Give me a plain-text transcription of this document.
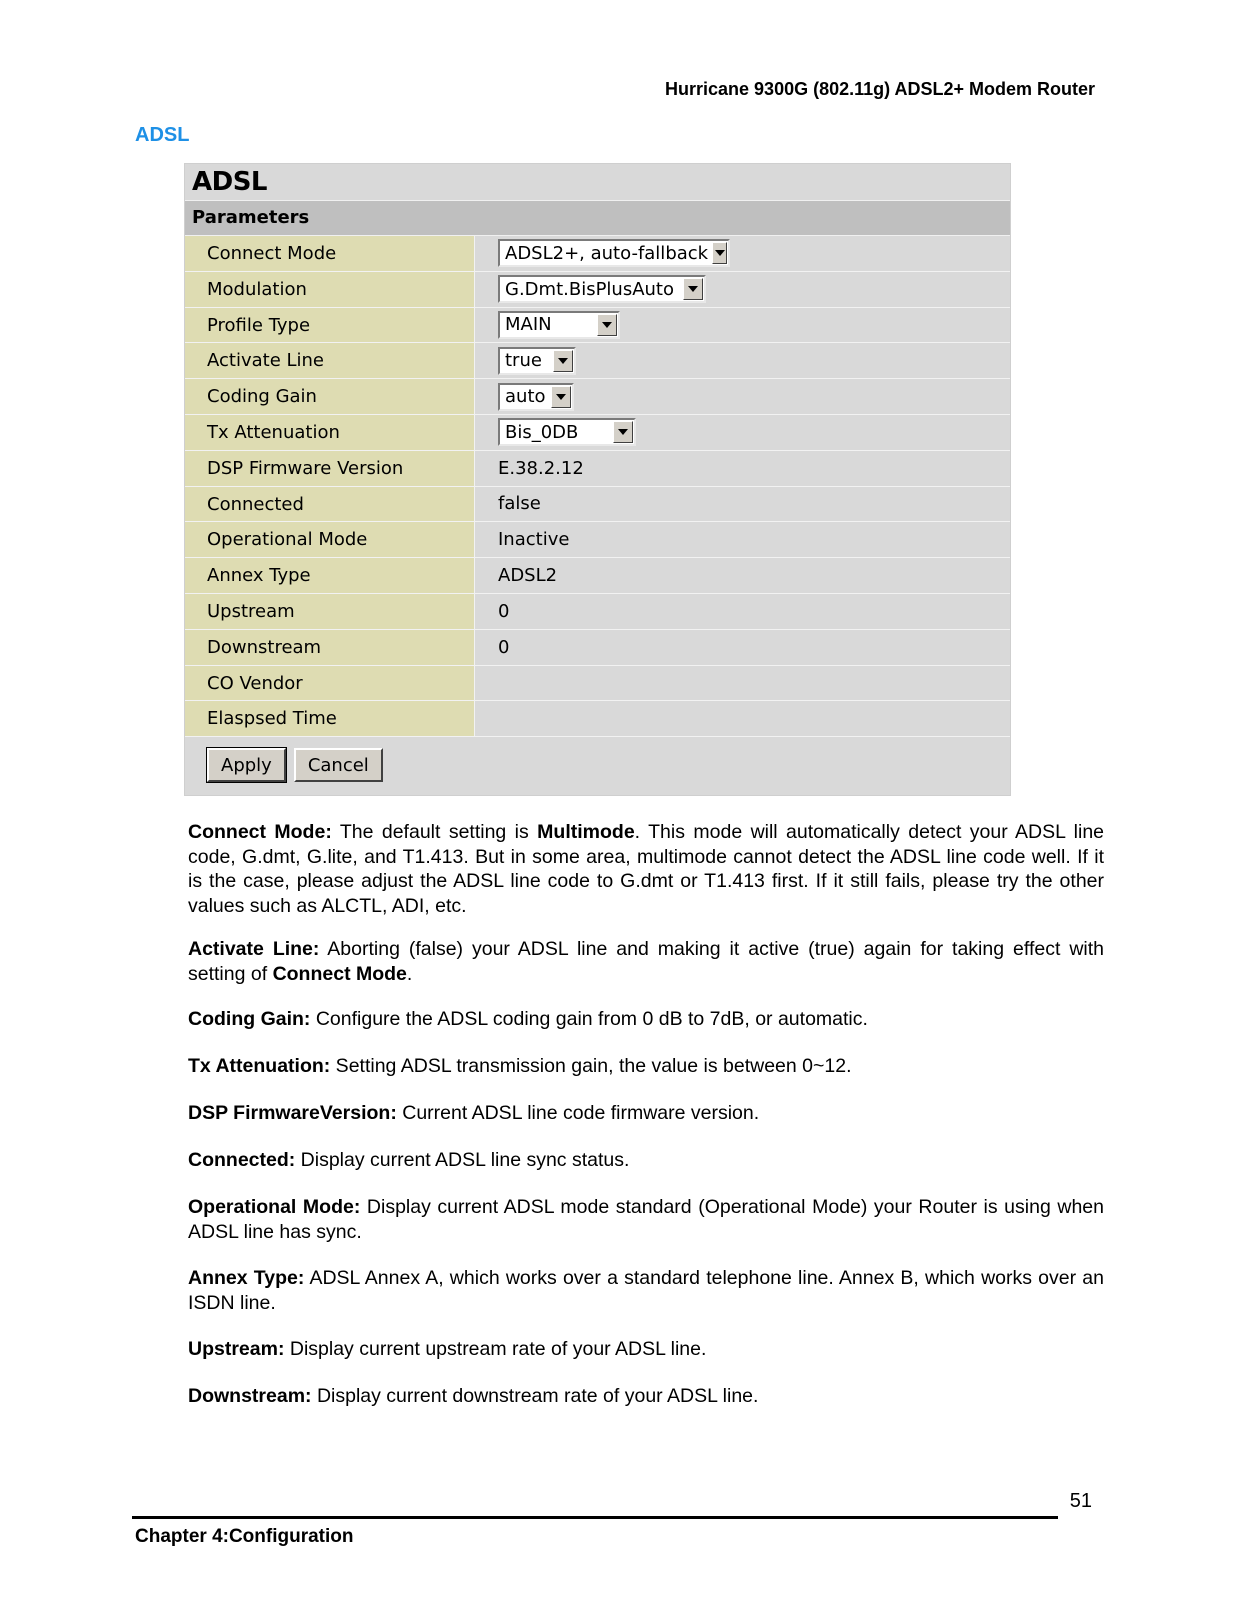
Hurricane 9300G (802.11g) ADSL2+ Modem Router
ADSL
ADSL
Parameters
Connect Mode	ADSL2+, auto-fallback
Modulation	G.Dmt.BisPlusAuto
Profile Type	MAIN
Activate Line	true
Coding Gain	auto
Tx Attenuation	Bis_0DB
DSP Firmware Version	E.38.2.12
Connected	false
Operational Mode	Inactive
Annex Type	ADSL2
Upstream	0
Downstream	0
CO Vendor
Elaspsed Time
Apply	Cancel
Connect Mode: The default setting is Multimode. This mode will automatically detect your ADSL line code, G.dmt, G.lite, and T1.413. But in some area, multimode cannot detect the ADSL line code well. If it is the case, please adjust the ADSL line code to G.dmt or T1.413 first. If it still fails, please try the other values such as ALCTL, ADI, etc.
Activate Line: Aborting (false) your ADSL line and making it active (true) again for taking effect with setting of Connect Mode.
Coding Gain: Configure the ADSL coding gain from 0 dB to 7dB, or automatic.
Tx Attenuation: Setting ADSL transmission gain, the value is between 0~12.
DSP FirmwareVersion: Current ADSL line code firmware version.
Connected: Display current ADSL line sync status.
Operational Mode: Display current ADSL mode standard (Operational Mode) your Router is using when ADSL line has sync.
Annex Type: ADSL Annex A, which works over a standard telephone line. Annex B, which works over an ISDN line.
Upstream: Display current upstream rate of your ADSL line.
Downstream: Display current downstream rate of your ADSL line.
51
Chapter 4:Configuration
